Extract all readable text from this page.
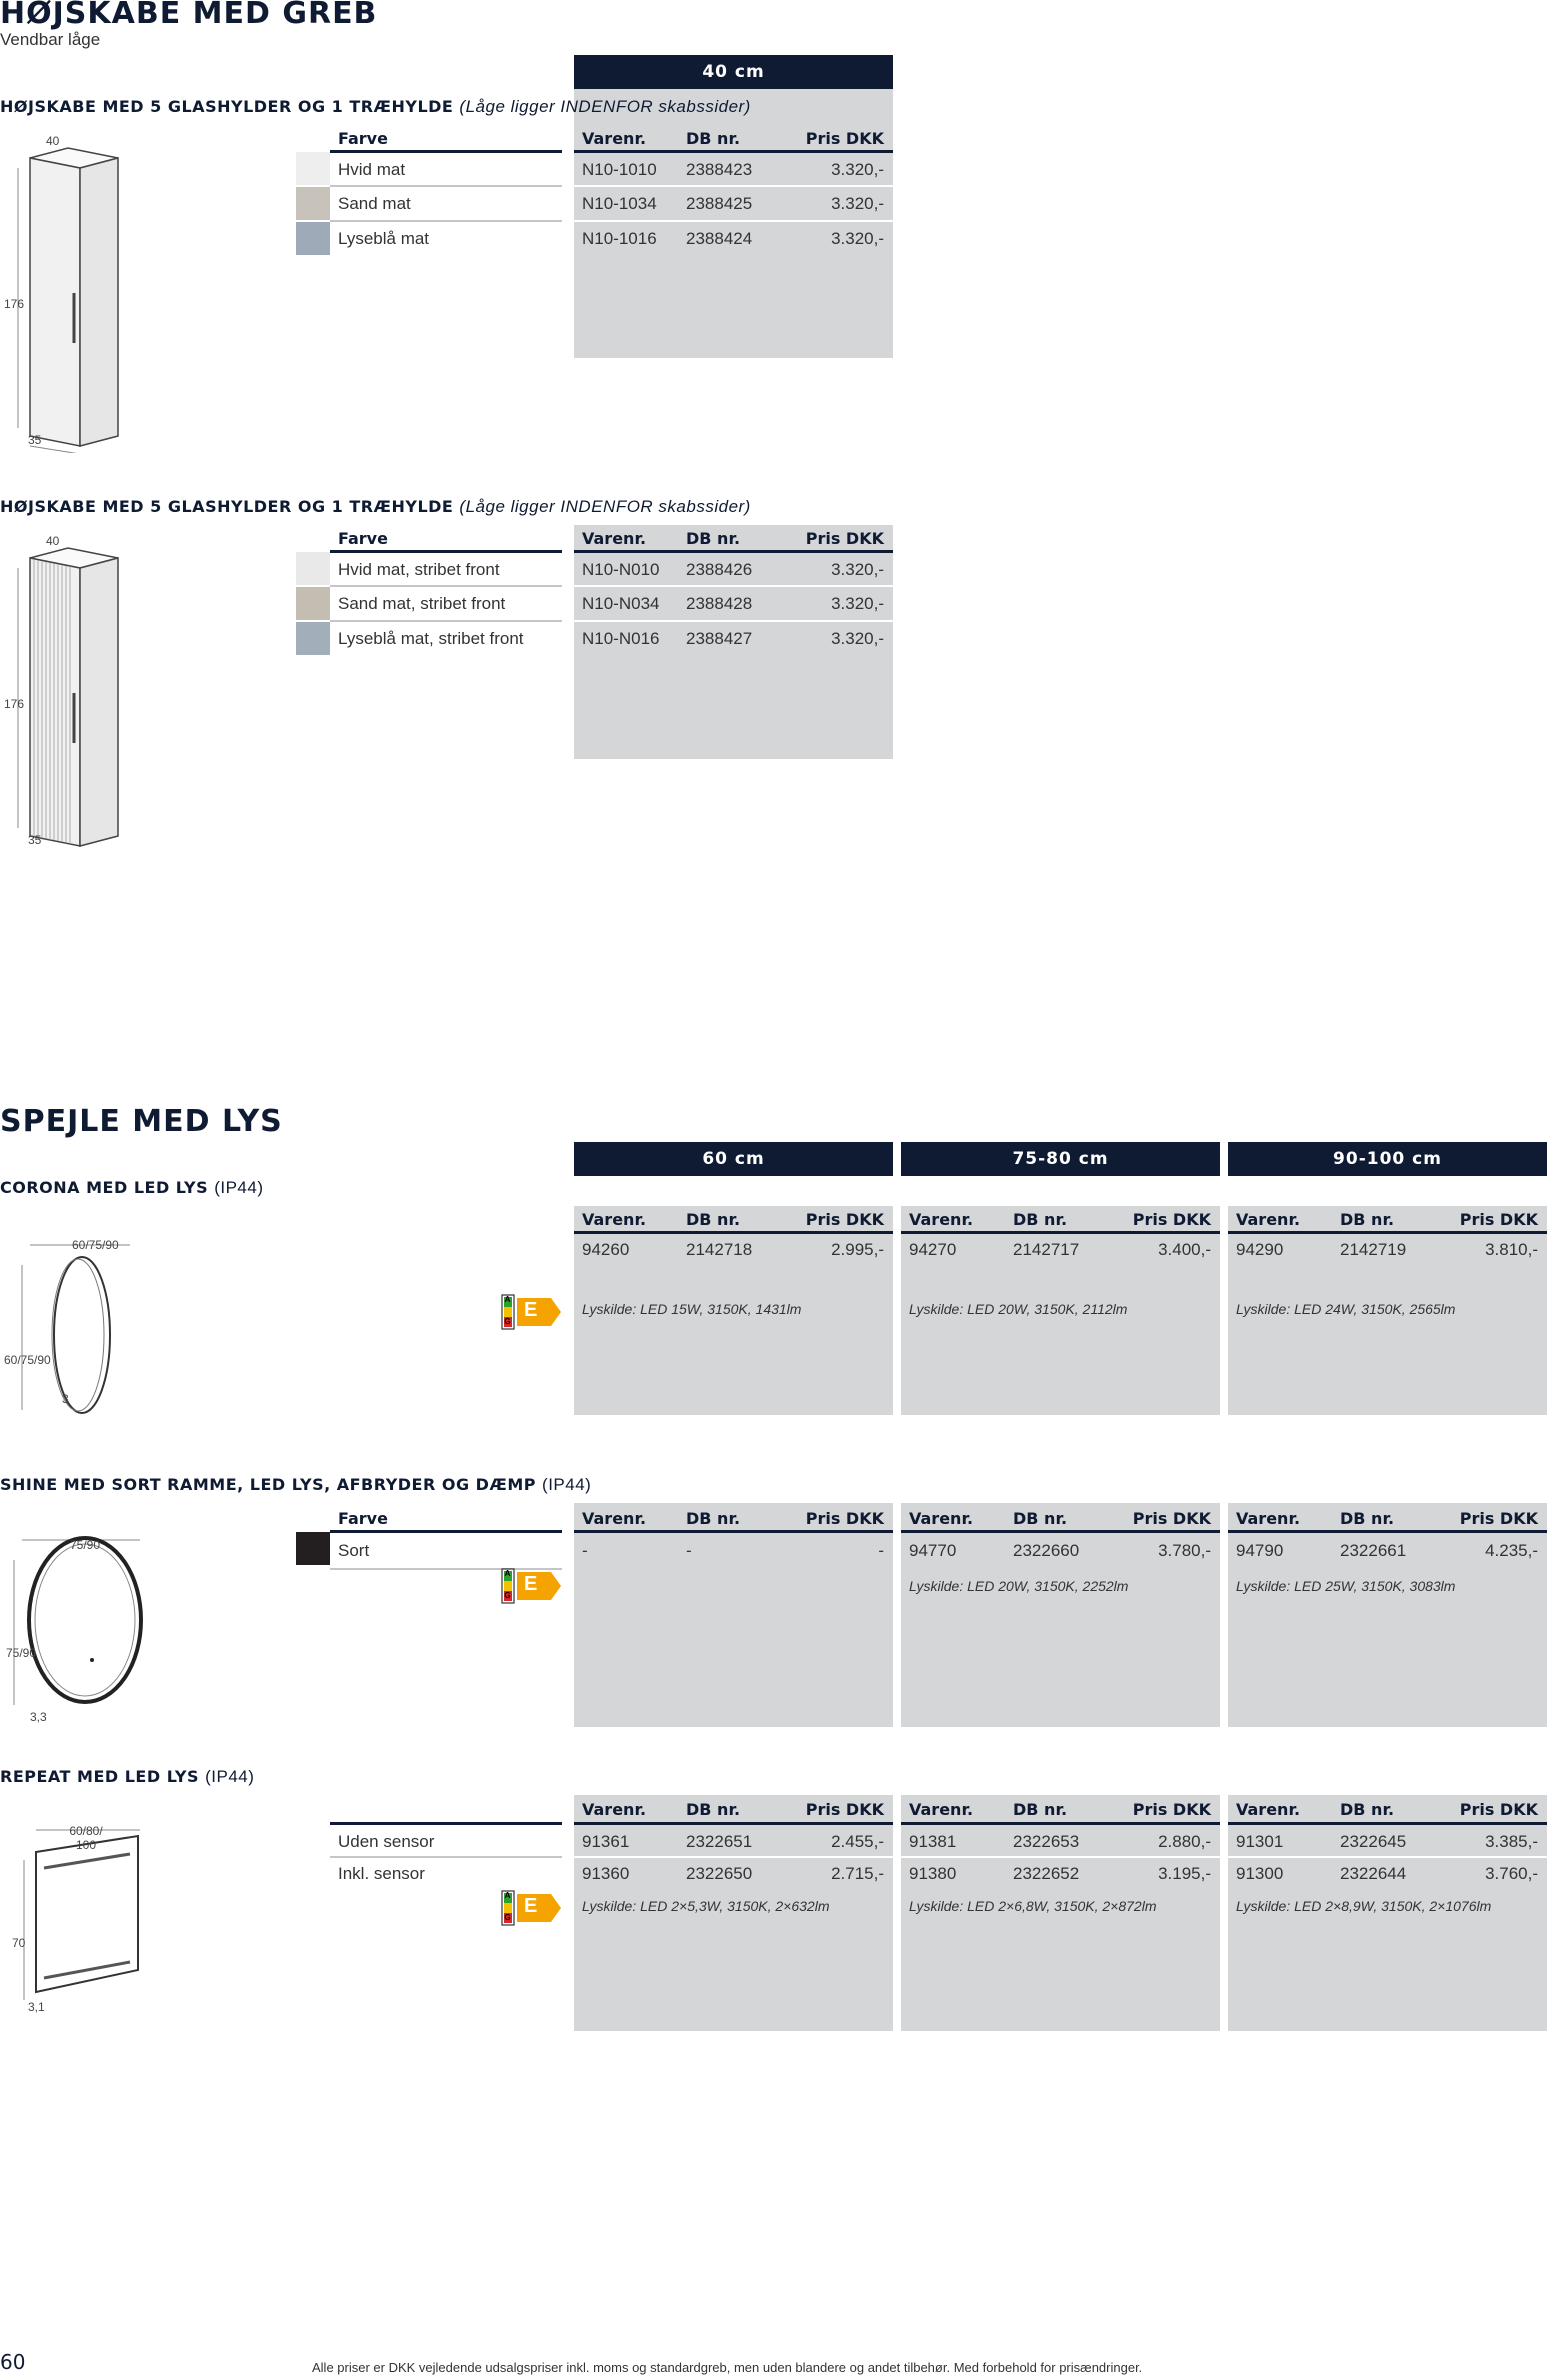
HØJSKABE MED GREB
Vendbar låge
40 cm
HØJSKABE MED 5 GLASHYLDER OG 1 TRÆHYLDE (Låge ligger INDENFOR skabssider)
40
176
35
Farve	Varenr. DB nr.	Pris DKK
Hvid mat	N10-1010 2388423	3.320,-
Sand mat	N10-1034 2388425	3.320,-
Lyseblå mat	N10-1016 2388424	3.320,-
HØJSKABE MED 5 GLASHYLDER OG 1 TRÆHYLDE (Låge ligger INDENFOR skabssider)
40
176
35
Farve	Varenr. DB nr.	Pris DKK
Hvid mat, stribet front	N10-N010 2388426	3.320,-
Sand mat, stribet front	N10-N034 2388428	3.320,-
Lyseblå mat, stribet front	N10-N016 2388427	3.320,-
SPEJLE MED LYS
60 cm	75-80 cm	90-100 cm
CORONA MED LED LYS (IP44)
60/75/90
60/75/90
3
Varenr. DB nr.	Pris DKK Varenr. DB nr.	Pris DKK Varenr. DB nr.	Pris DKK
94260	2142718	2.995,- 94270	2142717	3.400,- 94290	2142719	3.810,-
A

G
E	Lyskilde: LED 15W, 3150K, 1431lm	Lyskilde: LED 20W, 3150K, 2112lm	Lyskilde: LED 24W, 3150K, 2565lm
SHINE MED SORT RAMME, LED LYS, AFBRYDER OG DÆMP (IP44)
75/90
75/90
3,3
Farve	Varenr. DB nr.	Pris DKK Varenr. DB nr.	Pris DKK Varenr. DB nr.	Pris DKK
Sort	-	-	- 94770	2322660	3.780,- 94790	2322661	4.235,-
A

G
E	Lyskilde: LED 20W, 3150K, 2252lm	Lyskilde: LED 25W, 3150K, 3083lm
REPEAT MED LED LYS (IP44)
60/80/ 100
70
3,1
Varenr. DB nr.	Pris DKK Varenr. DB nr.	Pris DKK Varenr. DB nr.	Pris DKK
Uden sensor	91361	2322651	2.455,- 91381	2322653	2.880,- 91301	2322645	3.385,-
Inkl. sensor	91360	2322650	2.715,- 91380	2322652	3.195,- 91300	2322644	3.760,-
A

G
E	Lyskilde: LED 2×5,3W, 3150K, 2×632lm	Lyskilde: LED 2×6,8W, 3150K, 2×872lm	Lyskilde: LED 2×8,9W, 3150K, 2×1076lm
60	Alle priser er DKK vejledende udsalgspriser inkl. moms og standardgreb, men uden blandere og andet tilbehør. Med forbehold for prisændringer.
